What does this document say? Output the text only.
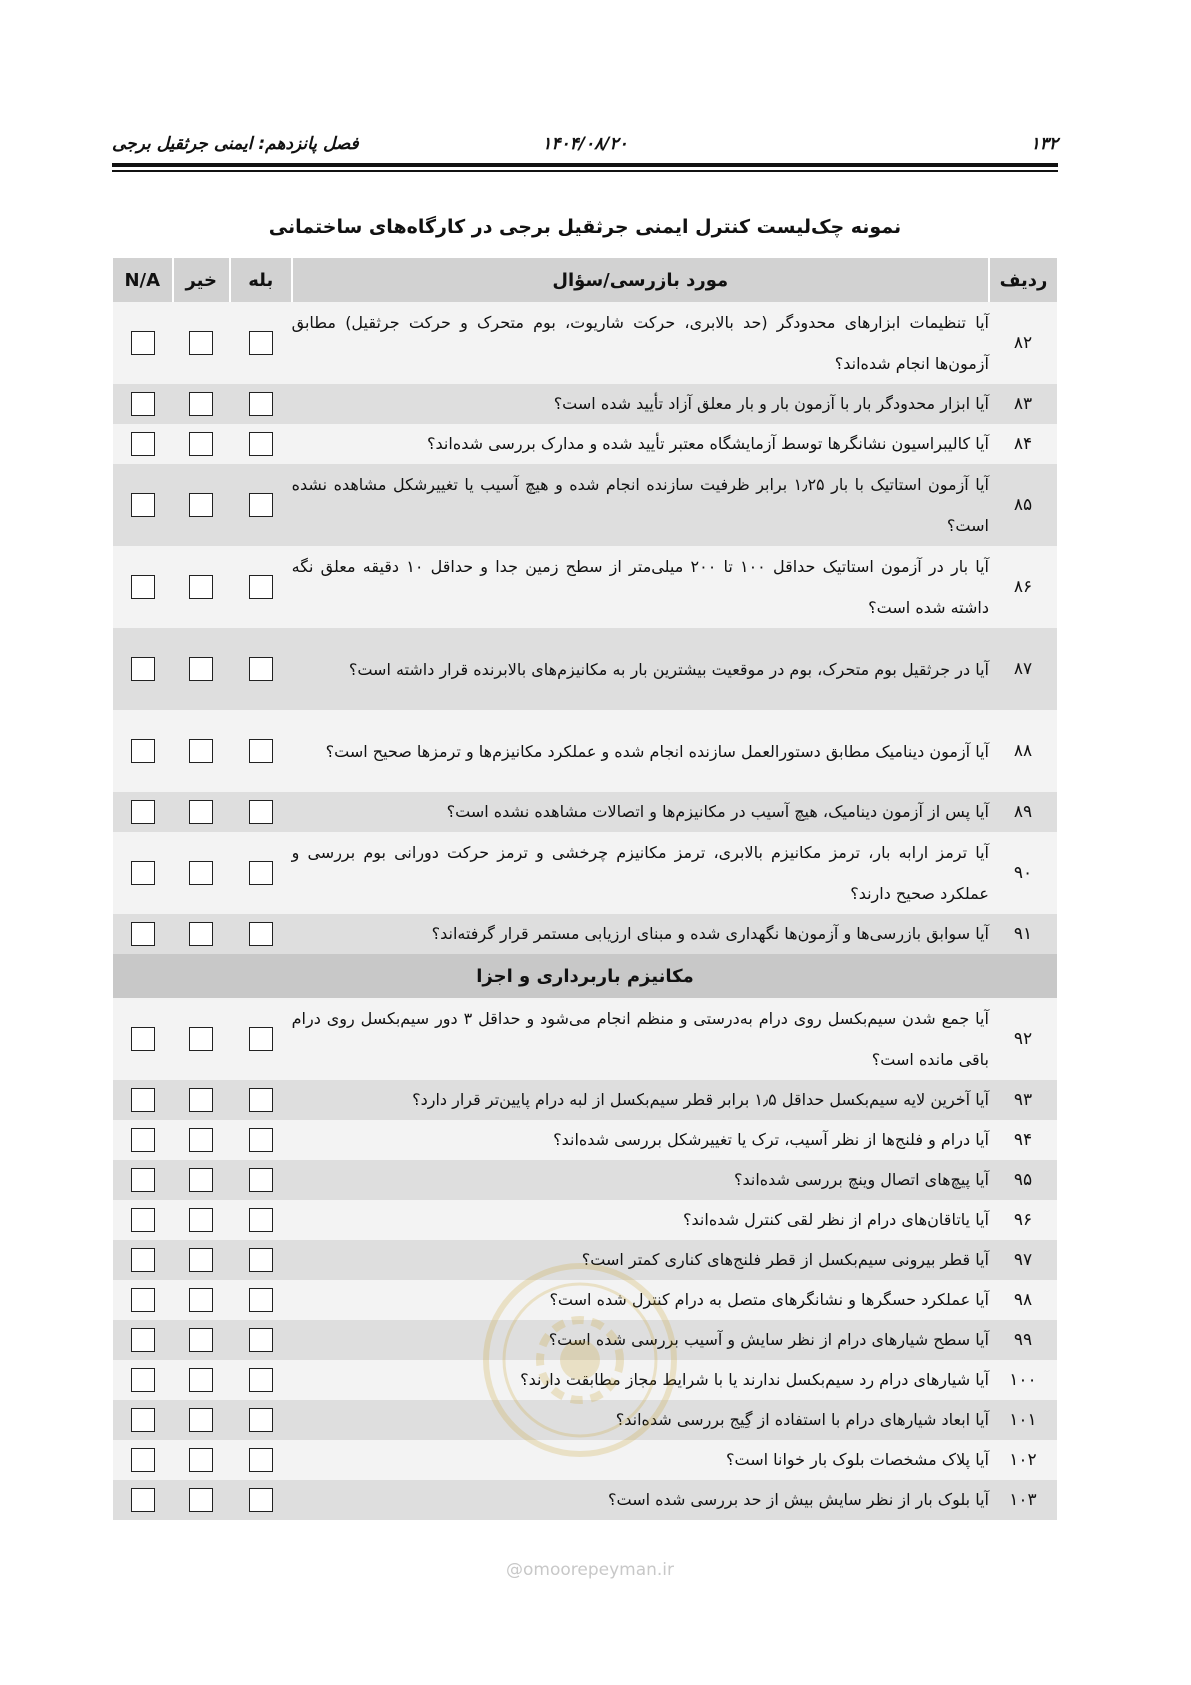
۱۳۲
۱۴۰۴/۰۸/۲۰
فصل پانزدهم: ایمنی جرثقیل برجی
نمونه چک‌لیست کنترل ایمنی جرثقیل برجی در کارگاه‌های ساختمانی
ردیف	مورد بازرسی/سؤال	بله	خیر	N/A
۸۲	آیا تنظیمات ابزارهای محدودگر (حد بالابری، حرکت شاریوت، بوم متحرک و حرکت جرثقیل) مطابق آزمون‌ها انجام شده‌اند؟			
۸۳	آیا ابزار محدودگر بار با آزمون بار و بار معلق آزاد تأیید شده است؟			
۸۴	آیا کالیبراسیون نشانگرها توسط آزمایشگاه معتبر تأیید شده و مدارک بررسی شده‌اند؟			
۸۵	آیا آزمون استاتیک با بار ۱٫۲۵ برابر ظرفیت سازنده انجام شده و هیچ آسیب یا تغییرشکل مشاهده نشده است؟			
۸۶	آیا بار در آزمون استاتیک حداقل ۱۰۰ تا ۲۰۰ میلی‌متر از سطح زمین جدا و حداقل ۱۰ دقیقه معلق نگه داشته شده است؟			
۸۷	آیا در جرثقیل بوم متحرک، بوم در موقعیت بیشترین بار به مکانیزم‌های بالابرنده قرار داشته است؟			
۸۸	آیا آزمون دینامیک مطابق دستورالعمل سازنده انجام شده و عملکرد مکانیزم‌ها و ترمزها صحیح است؟			
۸۹	آیا پس از آزمون دینامیک، هیچ آسیب در مکانیزم‌ها و اتصالات مشاهده نشده است؟			
۹۰	آیا ترمز ارابه بار، ترمز مکانیزم بالابری، ترمز مکانیزم چرخشی و ترمز حرکت دورانی بوم بررسی و عملکرد صحیح دارند؟			
۹۱	آیا سوابق بازرسی‌ها و آزمون‌ها نگهداری شده و مبنای ارزیابی مستمر قرار گرفته‌اند؟			
مکانیزم باربرداری و اجزا				
۹۲	آیا جمع شدن سیم‌بکسل روی درام به‌درستی و منظم انجام می‌شود و حداقل ۳ دور سیم‌بکسل روی درام باقی مانده است؟			
۹۳	آیا آخرین لایه سیم‌بکسل حداقل ۱٫۵ برابر قطر سیم‌بکسل از لبه درام پایین‌تر قرار دارد؟			
۹۴	آیا درام و فلنج‌ها از نظر آسیب، ترک یا تغییرشکل بررسی شده‌اند؟			
۹۵	آیا پیچ‌های اتصال وینچ بررسی شده‌اند؟			
۹۶	آیا یاتاقان‌های درام از نظر لقی کنترل شده‌اند؟			
۹۷	آیا قطر بیرونی سیم‌بکسل از قطر فلنج‌های کناری کمتر است؟			
۹۸	آیا عملکرد حسگرها و نشانگرهای متصل به درام کنترل شده است؟			
۹۹	آیا سطح شیارهای درام از نظر سایش و آسیب بررسی شده است؟			
۱۰۰	آیا شیارهای درام رد سیم‌بکسل ندارند یا با شرایط مجاز مطابقت دارند؟			
۱۰۱	آیا ابعاد شیارهای درام با استفاده از گِیج بررسی شده‌اند؟			
۱۰۲	آیا پلاک مشخصات بلوک بار خوانا است؟			
۱۰۳	آیا بلوک بار از نظر سایش بیش از حد بررسی شده است؟			
@omoorepeyman.ir
